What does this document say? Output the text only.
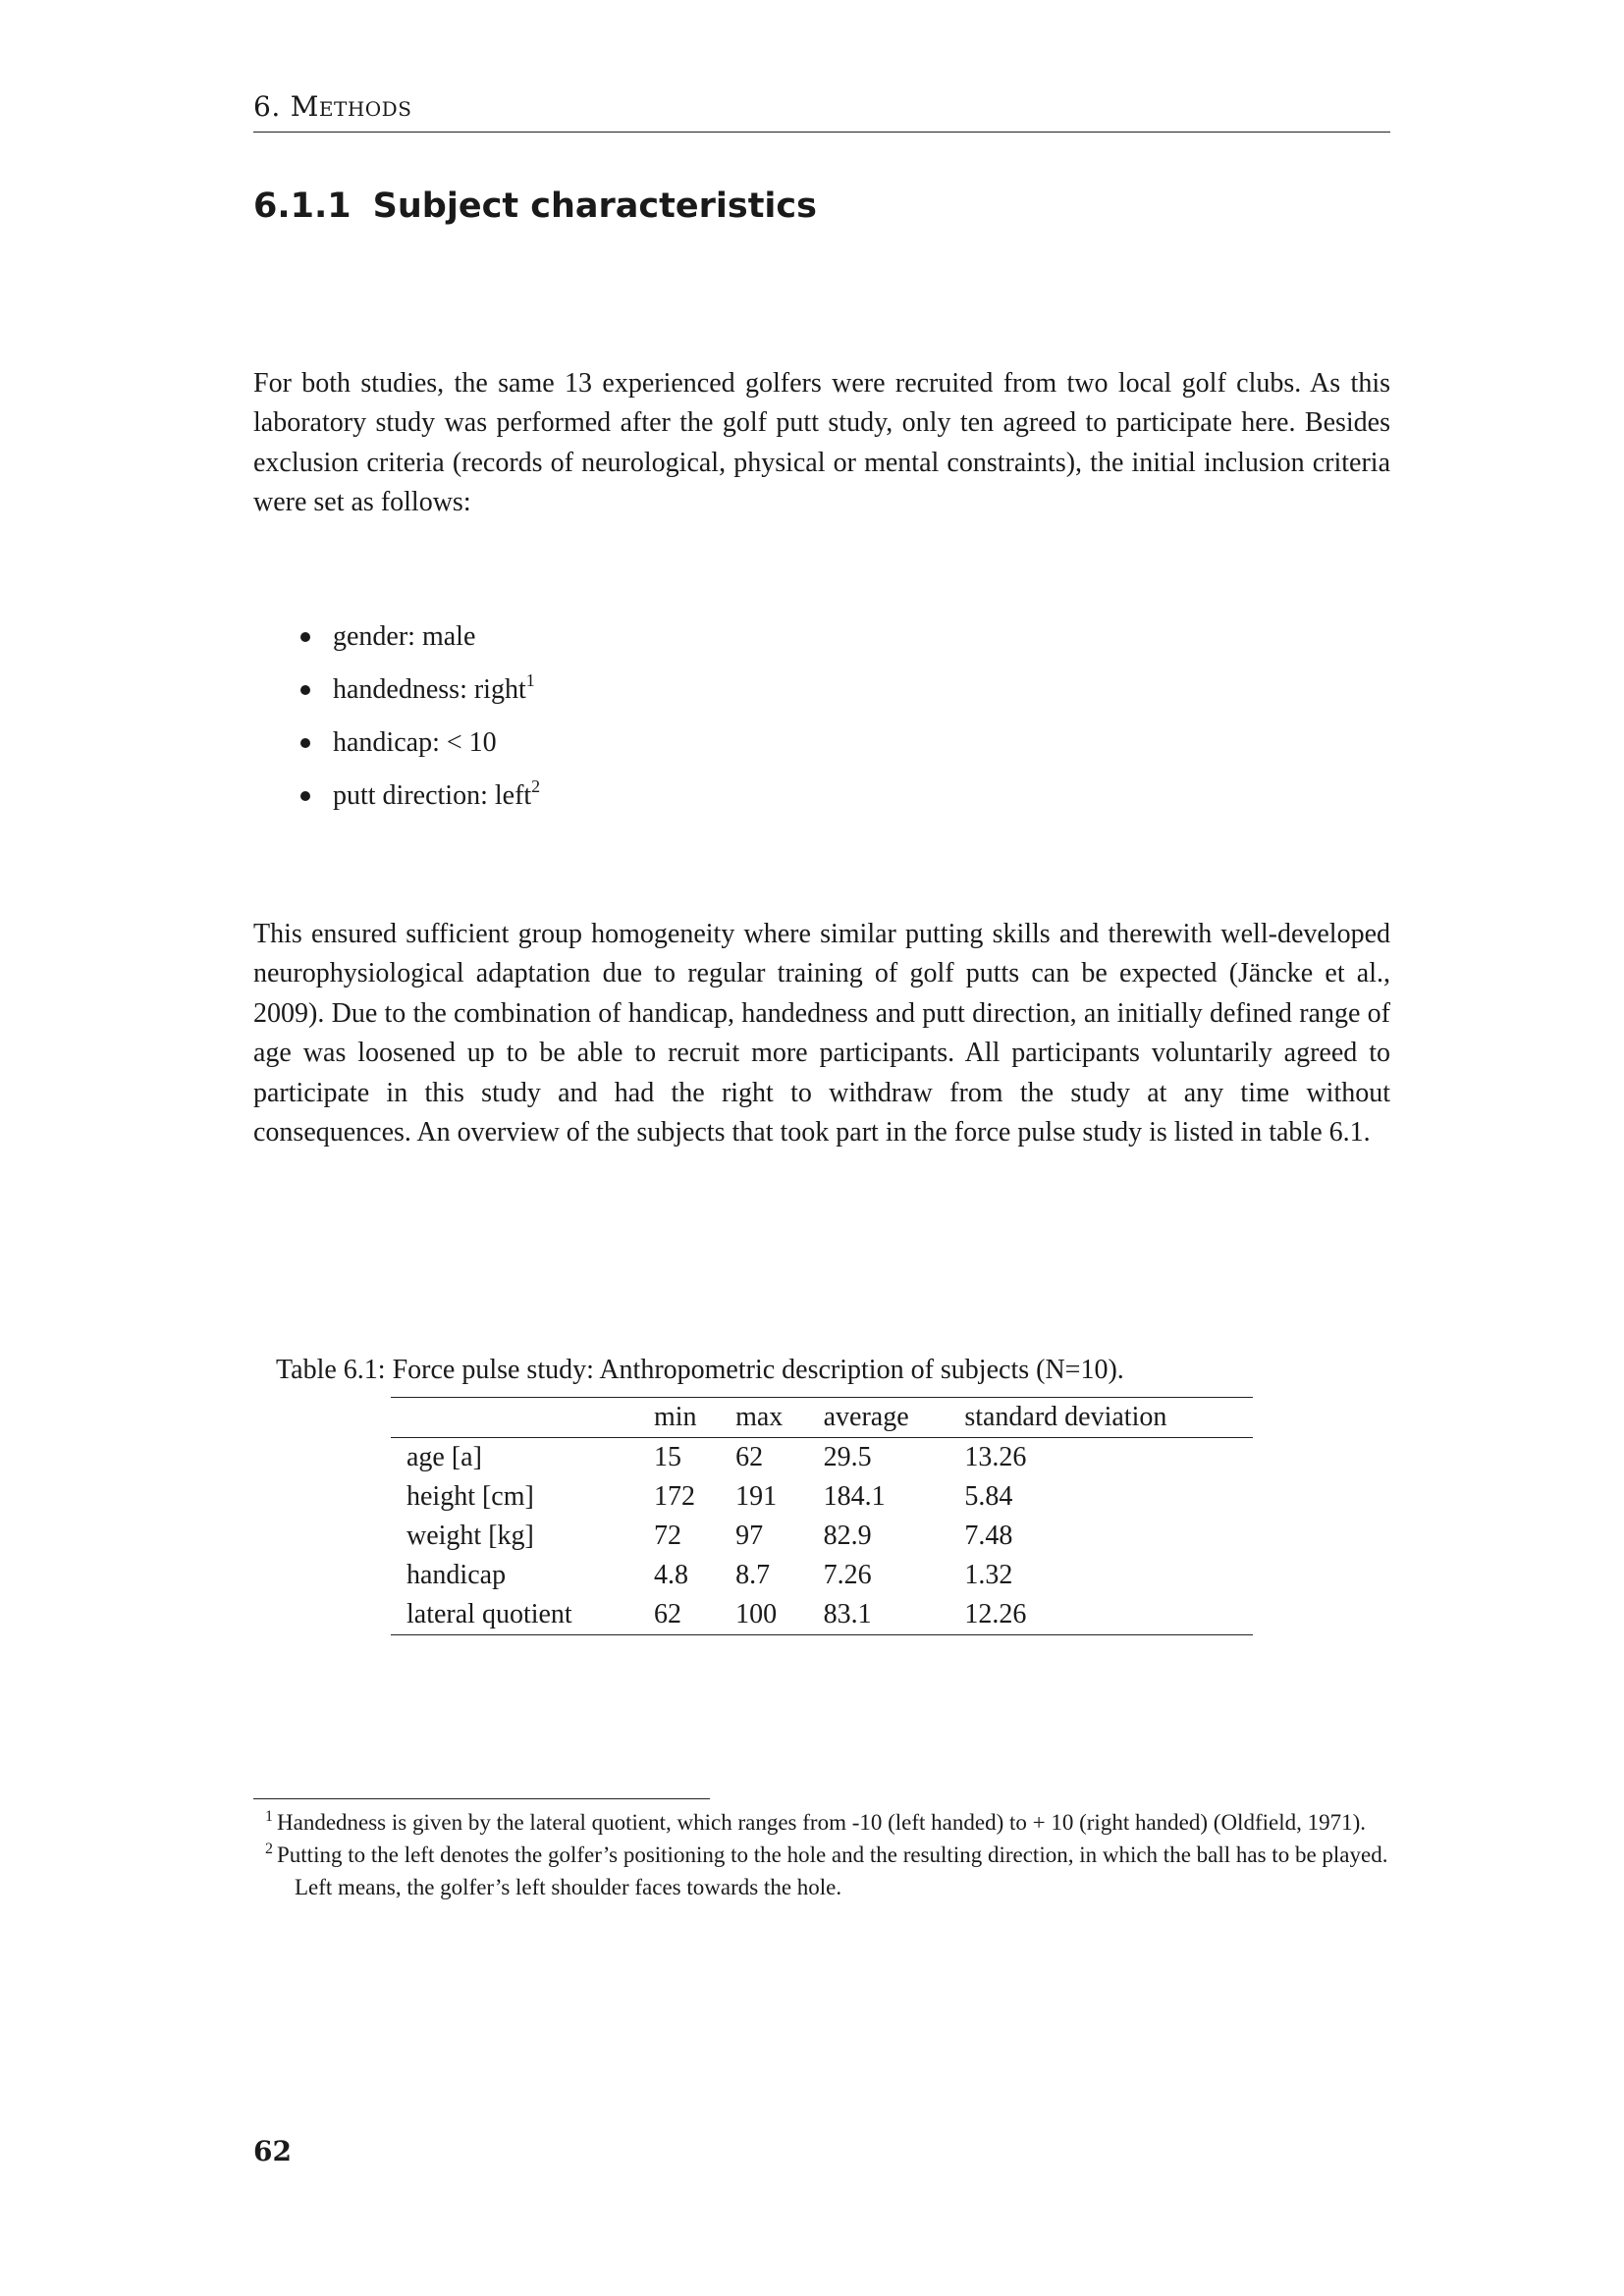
6. Methods
6.1.1 Subject characteristics
For both studies, the same 13 experienced golfers were recruited from two local golf clubs. As this laboratory study was performed after the golf putt study, only ten agreed to participate here. Besides exclusion criteria (records of neurological, physical or mental constraints), the initial inclusion criteria were set as follows:
gender: male
handedness: right$^1$
handicap: < 10
putt direction: left$^2$
This ensured sufficient group homogeneity where similar putting skills and therewith well-developed neurophysiological adaptation due to regular training of golf putts can be expected (Jäncke et al., 2009). Due to the combination of handicap, handedness and putt direction, an initially defined range of age was loosened up to be able to recruit more participants. All participants voluntarily agreed to participate in this study and had the right to withdraw from the study at any time without consequences. An overview of the subjects that took part in the force pulse study is listed in table 6.1.
Table 6.1: Force pulse study: Anthropometric description of subjects (N=10).
	min	max	average	standard deviation
age [a]	15	62	29.5	13.26
height [cm]	172	191	184.1	5.84
weight [kg]	72	97	82.9	7.48
handicap	4.8	8.7	7.26	1.32
lateral quotient	62	100	83.1	12.26
1 Handedness is given by the lateral quotient, which ranges from -10 (left handed) to + 10 (right handed) (Oldfield, 1971).
2 Putting to the left denotes the golfer’s positioning to the hole and the resulting direction, in which the ball has to be played. Left means, the golfer’s left shoulder faces towards the hole.
62
